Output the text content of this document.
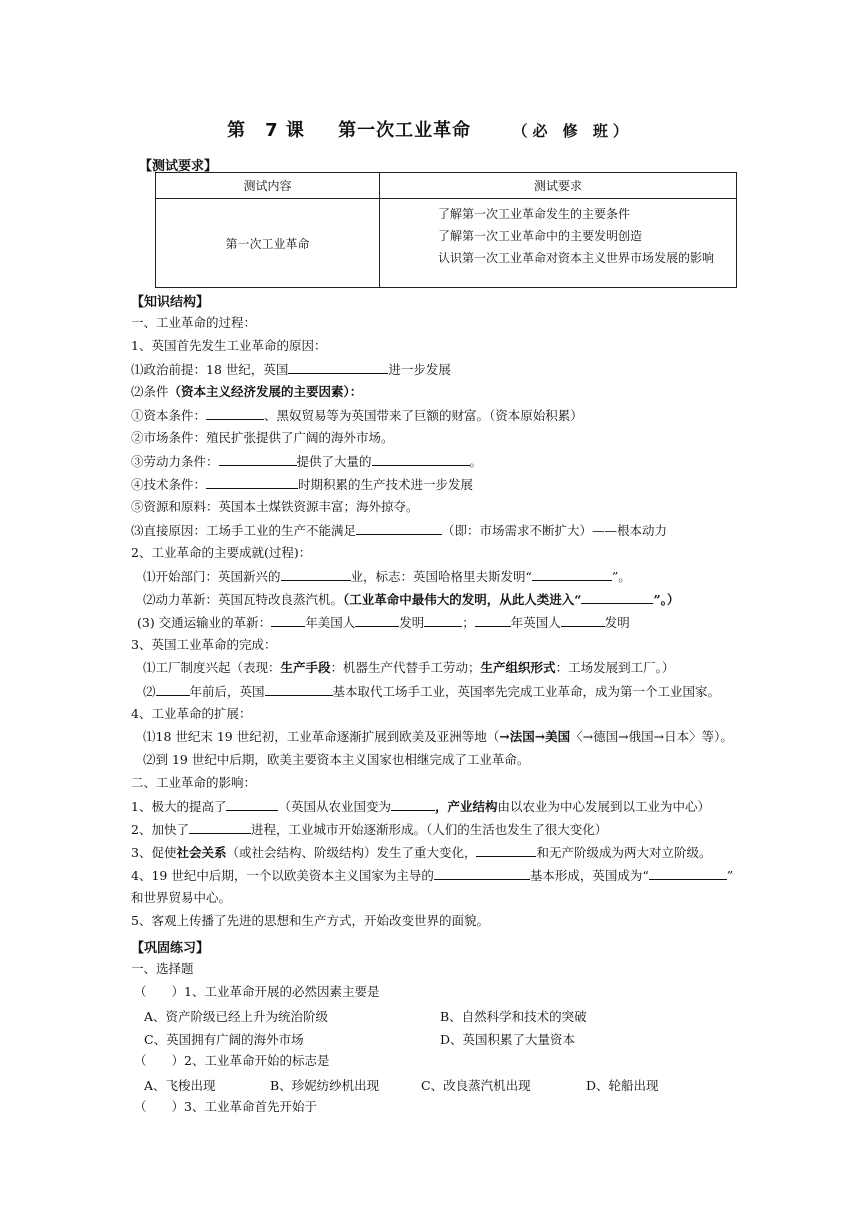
第　7 课 第一次工业革命	（必 修 班）
【测试要求】
测试内容	测试要求
第一次工业革命	了解第一次工业革命发生的主要条件
了解第一次工业革命中的主要发明创造
认识第一次工业革命对资本主义世界市场发展的影响
【知识结构】
一、工业革命的过程：
1、英国首先发生工业革命的原因：
⑴政治前提：18 世纪，英国	进一步发展
⑵条件（资本主义经济发展的主要因素）：
①资本条件：	、黑奴贸易等为英国带来了巨额的财富。（资本原始积累）
②市场条件：殖民扩张提供了广阔的海外市场。
③劳动力条件：	提供了大量的	。
④技术条件：	时期积累的生产技术进一步发展
⑤资源和原料：英国本土煤铁资源丰富；海外掠夺。
⑶直接原因：工场手工业的生产不能满足	（即：市场需求不断扩大）——根本动力
2、工业革命的主要成就(过程)：
⑴开始部门：英国新兴的	业，标志：英国哈格里夫斯发明“	”。
⑵动力革新：英国瓦特改良蒸汽机。（工业革命中最伟大的发明，从此人类进入“	”。）
(3) 交通运输业的革新：	年美国人	发明	；	年英国人	发明
3、英国工业革命的完成：
⑴工厂制度兴起（表现：生产手段：机器生产代替手工劳动；生产组织形式：工场发展到工厂。）
⑵	年前后，英国	基本取代工场手工业，英国率先完成工业革命，成为第一个工业国家。
4、工业革命的扩展：
⑴18 世纪末 19 世纪初，工业革命逐渐扩展到欧美及亚洲等地（→法国→美国〈→德国→俄国→日本〉等）。
⑵到 19 世纪中后期，欧美主要资本主义国家也相继完成了工业革命。
二、工业革命的影响：
1、极大的提高了	（英国从农业国变为	，产业结构由以农业为中心发展到以工业为中心）
2、加快了	进程，工业城市开始逐渐形成。（人们的生活也发生了很大变化）
3、促使社会关系（或社会结构、阶级结构）发生了重大变化，	和无产阶级成为两大对立阶级。
4、19 世纪中后期，一个以欧美资本主义国家为主导的	基本形成，英国成为“	”
和世界贸易中心。
5、客观上传播了先进的思想和生产方式，开始改变世界的面貌。
【巩固练习】
一、选择题
（　　）1、工业革命开展的必然因素主要是
A、资产阶级已经上升为统治阶级	B、自然科学和技术的突破
C、英国拥有广阔的海外市场	D、英国积累了大量资本
（　　）2、工业革命开始的标志是
A、飞梭出现	B、珍妮纺纱机出现	C、改良蒸汽机出现	D、轮船出现
（　　）3、工业革命首先开始于
